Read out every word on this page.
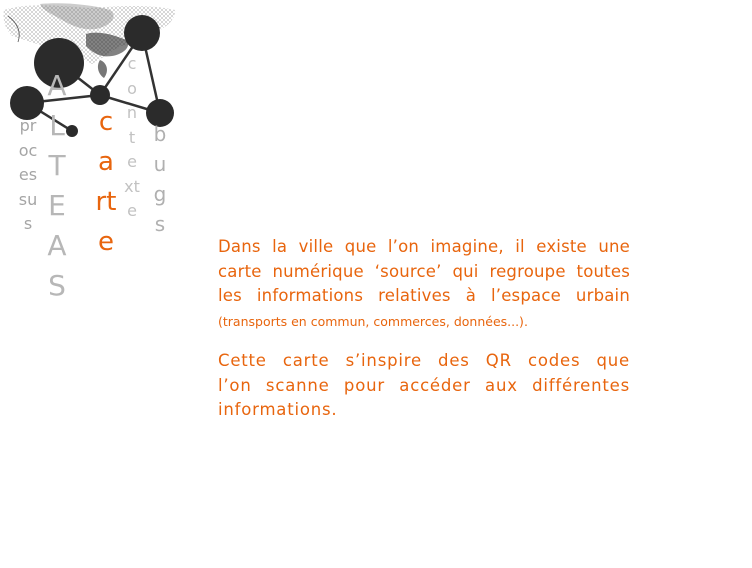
ALTEAS
carte
contexte
bugs
processus

Dans la ville que l’on imagine, il existe une carte numérique ‘source’ qui regroupe toutes les informations relatives à l’espace urbain (transports en commun, commerces, données...).

Cette carte s’inspire des QR codes que l’on scanne pour accéder aux différentes informations.
